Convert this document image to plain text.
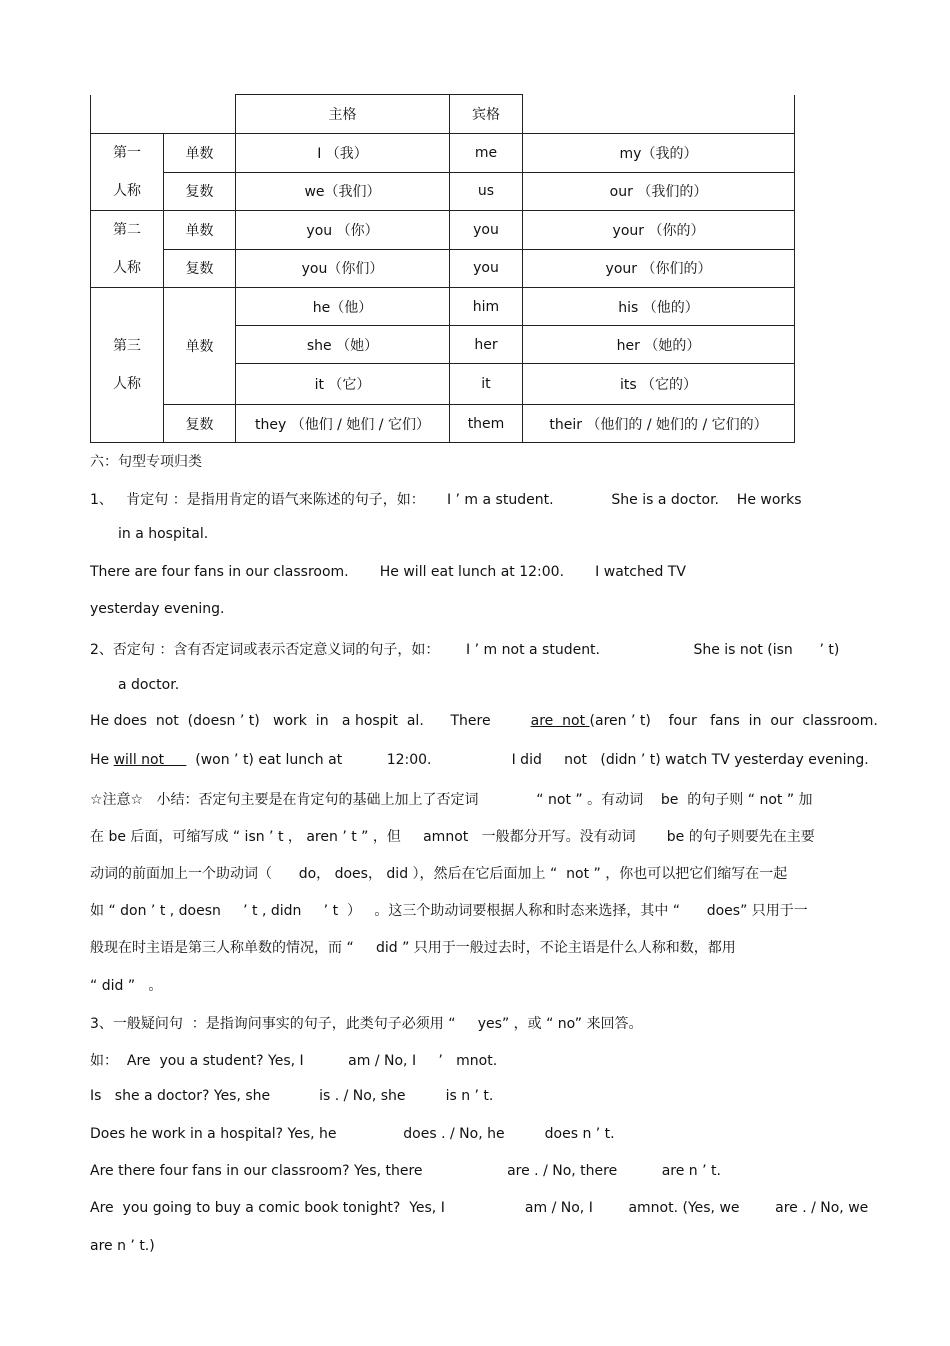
		主格	宾格	

第一
人称	单数	I （我）	me	my（我的）
	复数	we（我们）	us	our （我们的）

第二
人称	单数	you （你）	you	your （你的）
	复数	you（你们）	you	your （你们的）

第三
人称	单数	he（他）	him	his （他的）
		she （她）	her	her （她的）
		it （它）	it	its （它的）
	复数	they （他们 / 她们 / 它们）	them	their （他们的 / 她们的 / 它们的）
六：句型专项归类
1、   肯定句 ：是指用肯定的语气来陈述的句子，如：     I ’ m a student.             She is a doctor.    He works
in a hospital.
There are four fans in our classroom.       He will eat lunch at 12:00.       I watched TV
yesterday evening.
2、否定句 ：含有否定词或表示否定意义词的句子，如：      I ’ m not a student.                     She is not (isn      ’ t)
a doctor.
He does  not  (doesn ’ t)   work  in   a hospit  al.      There         are  not (aren ’ t)    four   fans  in  our  classroom.
He will not       (won ’ t) eat lunch at          12:00.                  I did     not   (didn ’ t) watch TV yesterday evening.
☆注意☆   小结：否定句主要是在肯定句的基础上加上了否定词             “ not ” 。有动词    be  的句子则 “ not ” 加
在 be 后面，可缩写成 “ isn ’ t ， aren ’ t ” ，但     amnot   一般都分开写。没有动词       be 的句子则要先在主要
动词的前面加上一个助动词（      do， does， did ），然后在它后面加上 “  not ” ，你也可以把它们缩写在一起
如 “ don ’ t , doesn     ’ t , didn     ’ t  ）   。这三个助动词要根据人称和时态来选择，其中 “      does” 只用于一
般现在时主语是第三人称单数的情况，而 “     did ” 只用于一般过去时，不论主语是什么人称和数，都用
“ did ”   。
3、一般疑问句  ：是指询问事实的句子，此类句子必须用 “     yes” ，或 “ no” 来回答。
如：  Are  you a student? Yes, I          am / No, I     ’   mnot.
Is   she a doctor? Yes, she           is . / No, she         is n ’ t.
Does he work in a hospital? Yes, he               does . / No, he         does n ’ t.
Are there four fans in our classroom? Yes, there                   are . / No, there          are n ’ t.
Are  you going to buy a comic book tonight?  Yes, I                  am / No, I        amnot. (Yes, we        are . / No, we
are n ’ t.)
